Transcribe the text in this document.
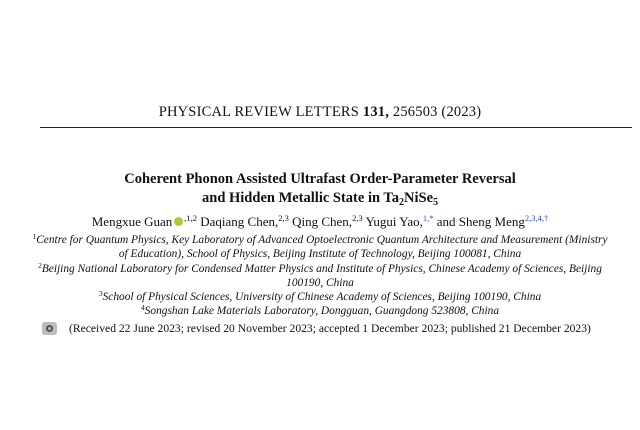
PHYSICAL REVIEW LETTERS 131, 256503 (2023)
Coherent Phonon Assisted Ultrafast Order-Parameter Reversal
and Hidden Metallic State in $Ta_2NiSe_5$
Mengxue Guan $^{,1,2}$ Daqiang Chen,$^{2,3}$ Qing Chen,$^{2,3}$ Yugui Yao,$^{1,*}$ and Sheng Meng$^{2,3,4,\dagger}$
$^1$Centre for Quantum Physics, Key Laboratory of Advanced Optoelectronic Quantum Architecture and Measurement (Ministry of Education), School of Physics, Beijing Institute of Technology, Beijing 100081, China
$^2$Beijing National Laboratory for Condensed Matter Physics and Institute of Physics, Chinese Academy of Sciences, Beijing 100190, China
$^3$School of Physical Sciences, University of Chinese Academy of Sciences, Beijing 100190, China
$^4$Songshan Lake Materials Laboratory, Dongguan, Guangdong 523808, China
(Received 22 June 2023; revised 20 November 2023; accepted 1 December 2023; published 21 December 2023)
